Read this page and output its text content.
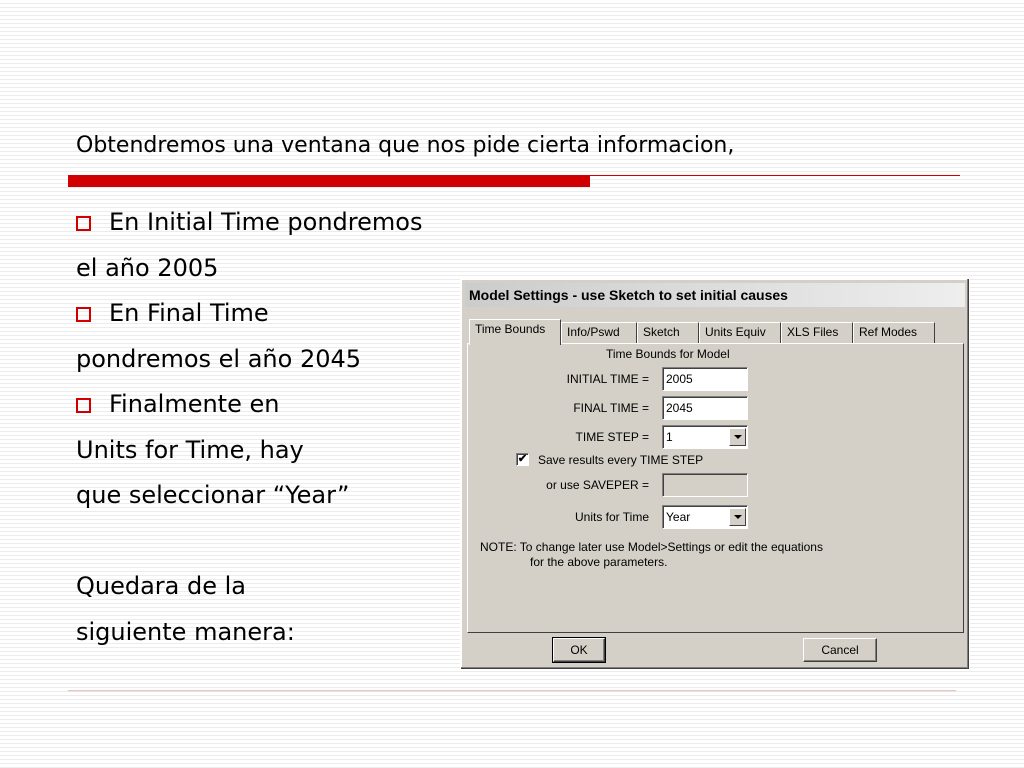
Obtendremos una ventana que nos pide cierta informacion,
En Initial Time pondremos
el año 2005
En Final Time
pondremos el año 2045
Finalmente en
Units for Time, hay
que seleccionar “Year”
Quedara de la
siguiente manera:
Model Settings - use Sketch to set initial causes
Time Bounds	Info/Pswd	Sketch	Units Equiv	XLS Files	Ref Modes
Time Bounds for Model
INITIAL TIME =	2005
FINAL TIME =	2045
TIME STEP =	1
✔ Save results every TIME STEP
or use SAVEPER =
Units for Time	Year
NOTE: To change later use Model>Settings or edit the equations
for the above parameters.
OK	Cancel
